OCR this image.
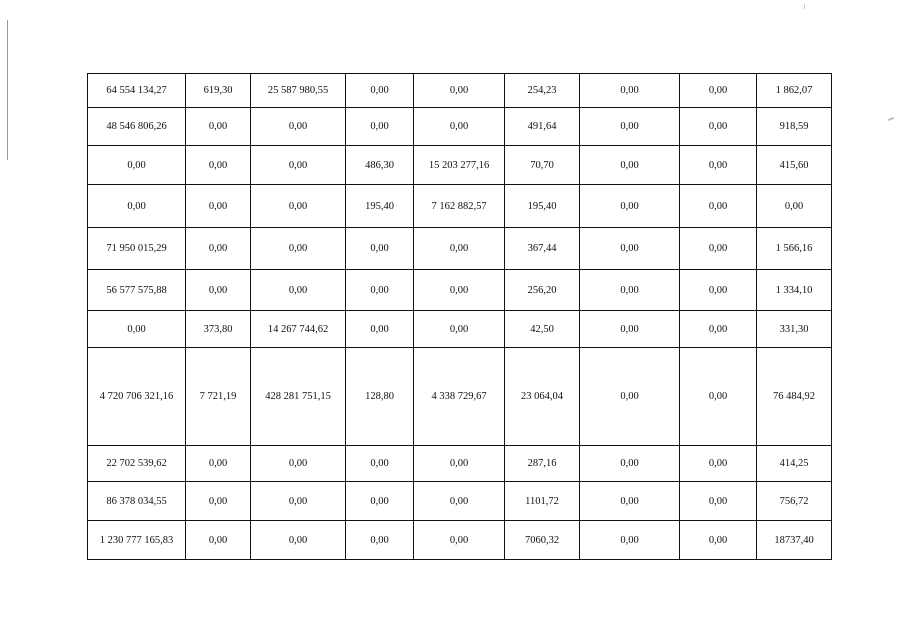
64 554 134,27	619,30	25 587 980,55	0,00	0,00	254,23	0,00	0,00	1 862,07
48 546 806,26	0,00	0,00	0,00	0,00	491,64	0,00	0,00	918,59
0,00	0,00	0,00	486,30	15 203 277,16	70,70	0,00	0,00	415,60
0,00	0,00	0,00	195,40	7 162 882,57	195,40	0,00	0,00	0,00
71 950 015,29	0,00	0,00	0,00	0,00	367,44	0,00	0,00	1 566,16
56 577 575,88	0,00	0,00	0,00	0,00	256,20	0,00	0,00	1 334,10
0,00	373,80	14 267 744,62	0,00	0,00	42,50	0,00	0,00	331,30
4 720 706 321,16	7 721,19	428 281 751,15	128,80	4 338 729,67	23 064,04	0,00	0,00	76 484,92
22 702 539,62	0,00	0,00	0,00	0,00	287,16	0,00	0,00	414,25
86 378 034,55	0,00	0,00	0,00	0,00	1101,72	0,00	0,00	756,72
1 230 777 165,83	0,00	0,00	0,00	0,00	7060,32	0,00	0,00	18737,40
